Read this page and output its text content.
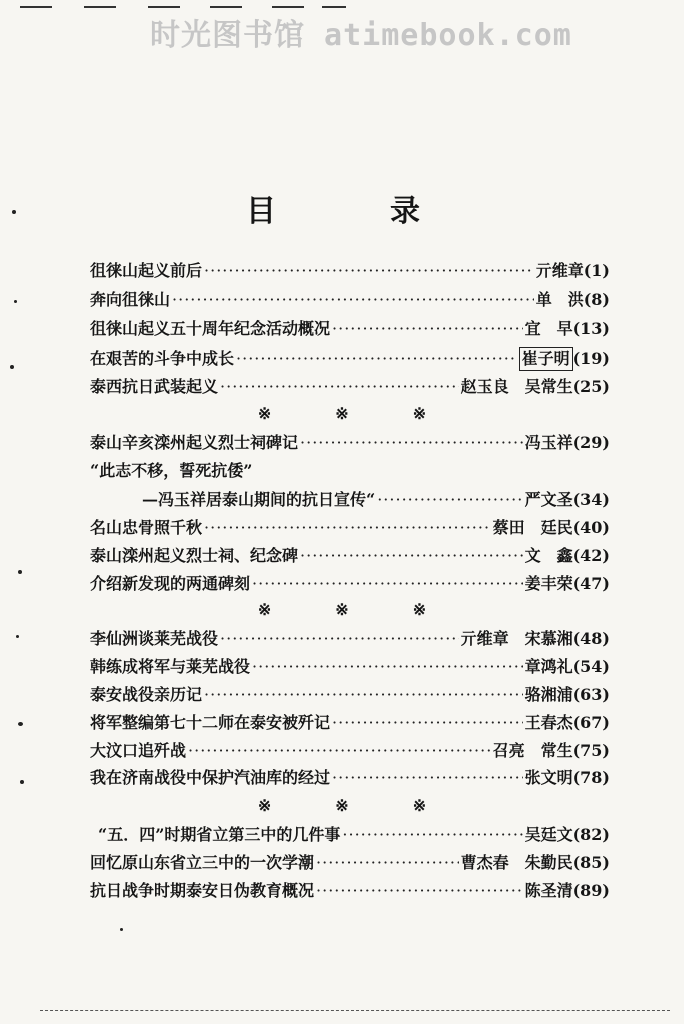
时光图书馆 atimebook.com
目　录
徂徕山起义前后 ·····	亓维章 (1)
奔向徂徕山 ·····	单　洪 (8)
徂徕山起义五十周年纪念活动概况 ·····	宜　早 (13)
在艰苦的斗争中成长 ·····	崔子明 (19)
泰西抗日武装起义 ·····	赵玉良　吴常生 (25)
※	※	※
泰山辛亥滦州起义烈士祠碑记 ·····	冯玉祥 (29)
“此志不移，誓死抗倭”
—冯玉祥居泰山期间的抗日宣传“ ·····	严文圣 (34)
名山忠骨照千秋 ·····	蔡田　廷民 (40)
泰山滦州起义烈士祠、纪念碑 ·····	文　鑫 (42)
介绍新发现的两通碑刻 ·····	姜丰荣 (47)
※	※	※
李仙洲谈莱芜战役 ·····	亓维章　宋慕湘 (48)
韩练成将军与莱芜战役 ·····	章鸿礼 (54)
泰安战役亲历记 ·····	骆湘浦 (63)
将军整编第七十二师在泰安被歼记 ·····	王春杰 (67)
大汶口追歼战 ·····	召亮　常生 (75)
我在济南战役中保护汽油库的经过 ·····	张文明 (78)
※	※	※
“五．四”时期省立第三中的几件事 ·····	吴廷文 (82)
回忆原山东省立三中的一次学潮 ·····	曹杰春　朱勤民 (85)
抗日战争时期泰安日伪教育概况 ·····	陈圣清 (89)
